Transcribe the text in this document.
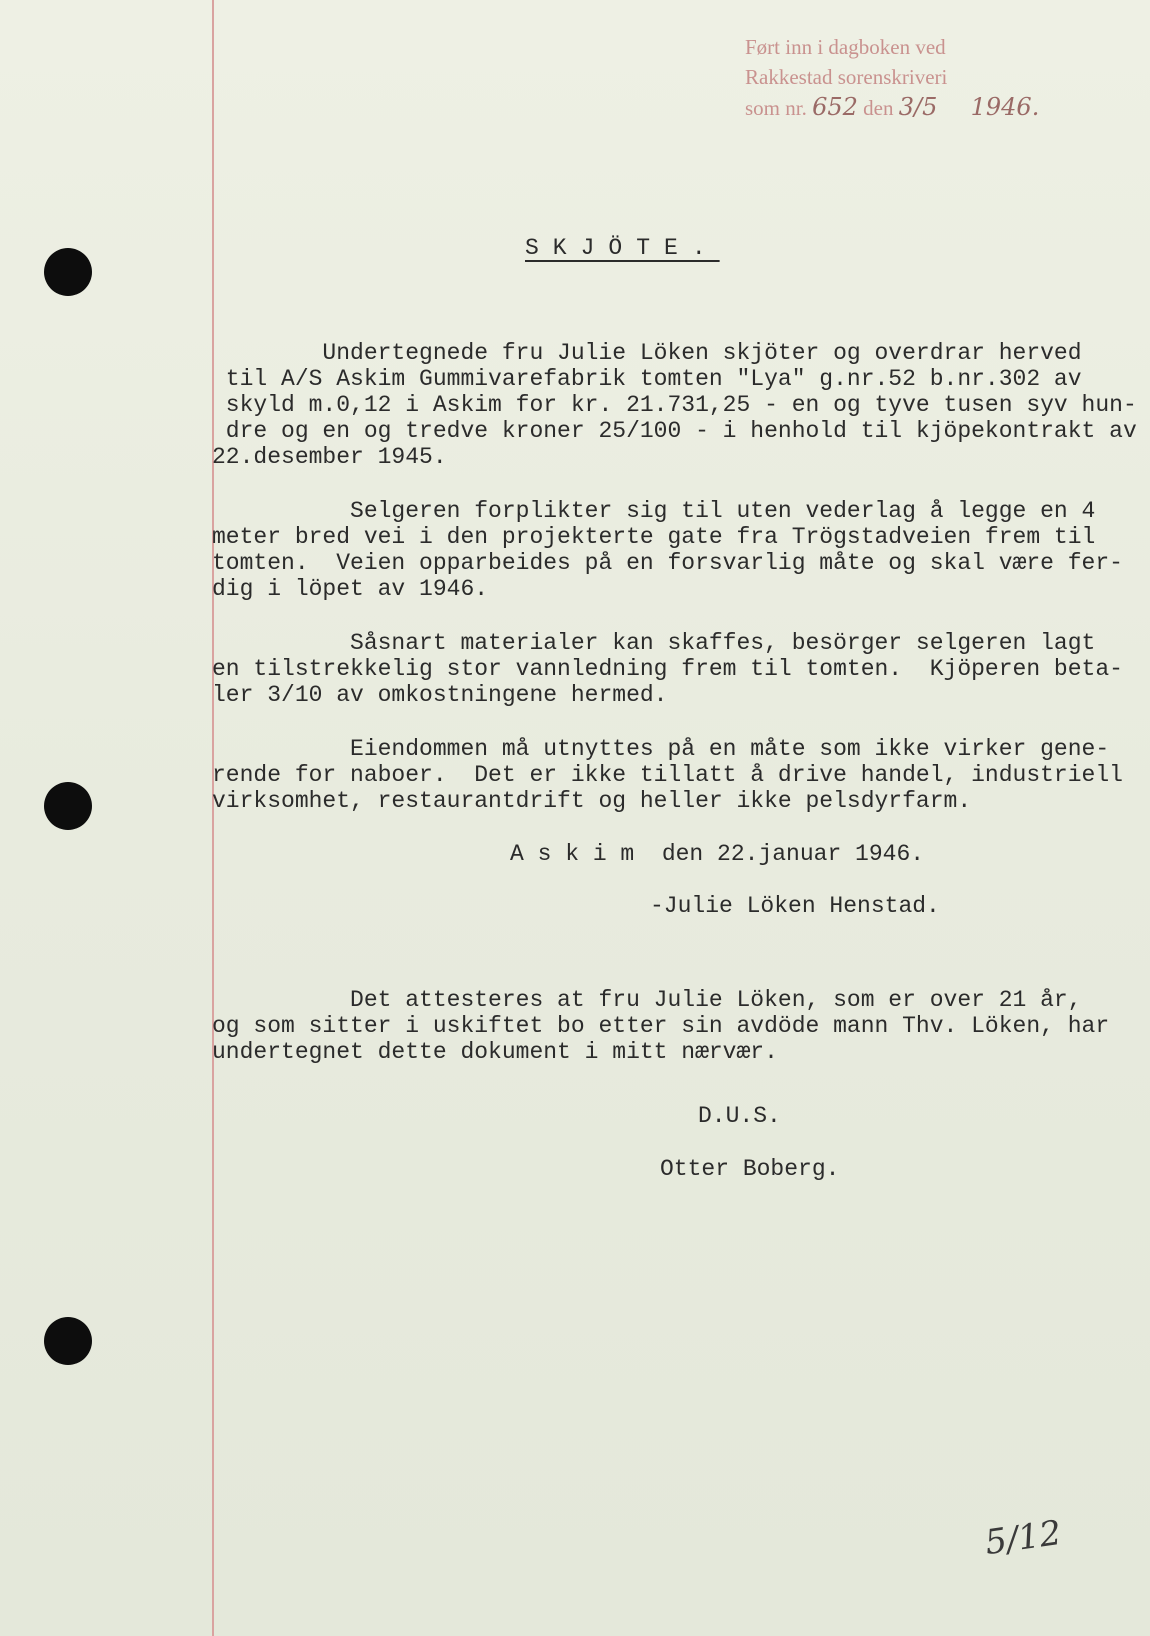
Ført inn i dagboken ved
Rakkestad sorenskriveri
som nr. 652 den 3/5 1946.
SKJÖTE.
Undertegnede fru Julie Löken skjöter og overdrar herved
til A/S Askim Gummivarefabrik tomten "Lya" g.nr.52 b.nr.302 av
skyld m.0,12 i Askim for kr. 21.731,25 - en og tyve tusen syv hun-
dre og en og tredve kroner 25/100 - i henhold til kjöpekontrakt av
22.desember 1945.
Selgeren forplikter sig til uten vederlag å legge en 4
meter bred vei i den projekterte gate fra Trögstadveien frem til
tomten.  Veien opparbeides på en forsvarlig måte og skal være fer-
dig i löpet av 1946.
Såsnart materialer kan skaffes, besörger selgeren lagt
en tilstrekkelig stor vannledning frem til tomten.  Kjöperen beta-
ler 3/10 av omkostningene hermed.
Eiendommen må utnyttes på en måte som ikke virker gene-
rende for naboer.  Det er ikke tillatt å drive handel, industriell
virksomhet, restaurantdrift og heller ikke pelsdyrfarm.
A s k i m  den 22.januar 1946.
-Julie Löken Henstad.
Det attesteres at fru Julie Löken, som er over 21 år,
og som sitter i uskiftet bo etter sin avdöde mann Thv. Löken, har
undertegnet dette dokument i mitt nærvær.
D.U.S.
Otter Boberg.
5/12
